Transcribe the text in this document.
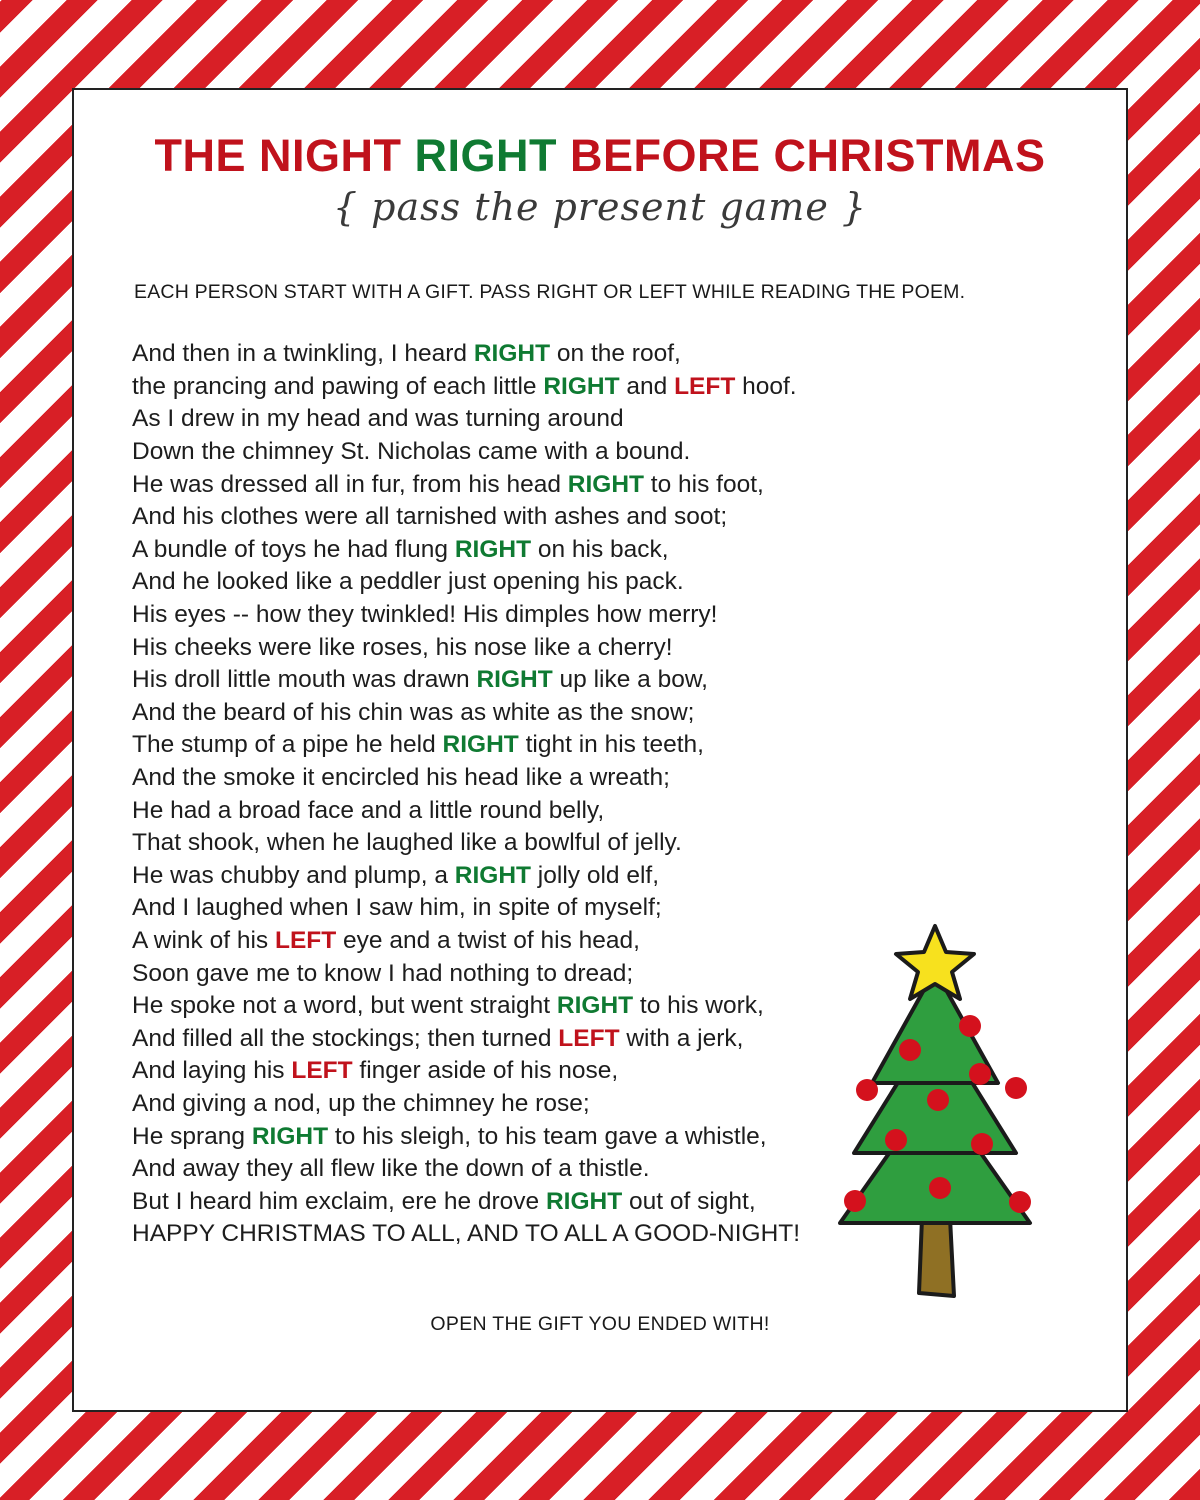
THE NIGHT RIGHT BEFORE CHRISTMAS
{ pass the present game }
EACH PERSON START WITH A GIFT. PASS RIGHT OR LEFT WHILE READING THE POEM.
And then in a twinkling, I heard RIGHT on the roof,
the prancing and pawing of each little RIGHT and LEFT hoof.
As I drew in my head and was turning around
Down the chimney St. Nicholas came with a bound.
He was dressed all in fur, from his head RIGHT to his foot,
And his clothes were all tarnished with ashes and soot;
A bundle of toys he had flung RIGHT on his back,
And he looked like a peddler just opening his pack.
His eyes -- how they twinkled! His dimples how merry!
His cheeks were like roses, his nose like a cherry!
His droll little mouth was drawn RIGHT up like a bow,
And the beard of his chin was as white as the snow;
The stump of a pipe he held RIGHT tight in his teeth,
And the smoke it encircled his head like a wreath;
He had a broad face and a little round belly,
That shook, when he laughed like a bowlful of jelly.
He was chubby and plump, a RIGHT jolly old elf,
And I laughed when I saw him, in spite of myself;
A wink of his LEFT eye and a twist of his head,
Soon gave me to know I had nothing to dread;
He spoke not a word, but went straight RIGHT to his work,
And filled all the stockings; then turned LEFT with a jerk,
And laying his LEFT finger aside of his nose,
And giving a nod, up the chimney he rose;
He sprang RIGHT to his sleigh, to his team gave a whistle,
And away they all flew like the down of a thistle.
But I heard him exclaim, ere he drove RIGHT out of sight,
HAPPY CHRISTMAS TO ALL, AND TO ALL A GOOD-NIGHT!
OPEN THE GIFT YOU ENDED WITH!
